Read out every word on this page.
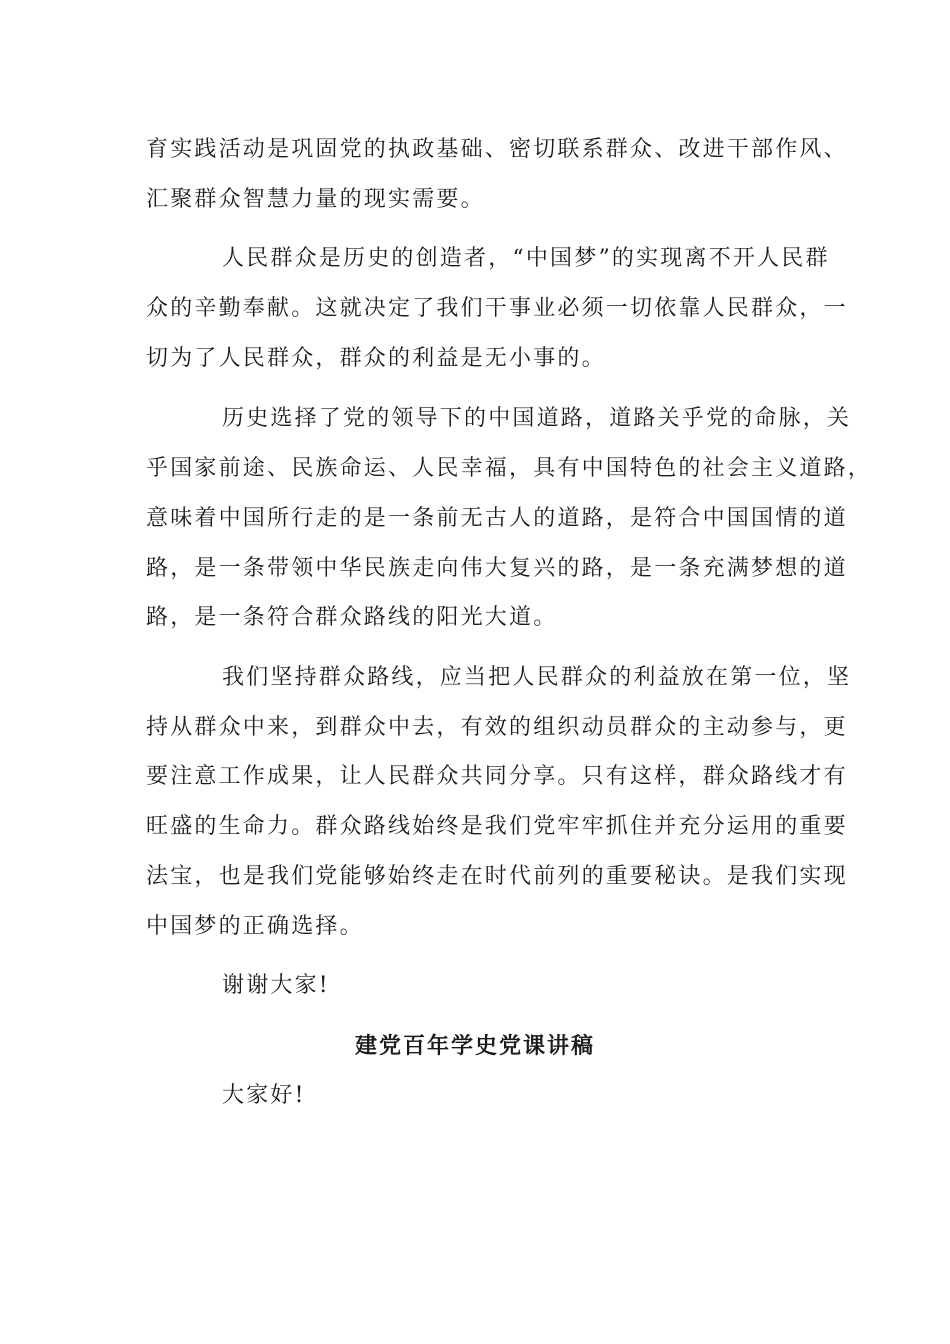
育实践活动是巩固党的执政基础、密切联系群众、改进干部作风、
汇聚群众智慧力量的现实需要。
人民群众是历史的创造者，“中国梦”的实现离不开人民群
众的辛勤奉献。这就决定了我们干事业必须一切依靠人民群众，一
切为了人民群众，群众的利益是无小事的。
历史选择了党的领导下的中国道路，道路关乎党的命脉，关
乎国家前途、民族命运、人民幸福，具有中国特色的社会主义道路，
意味着中国所行走的是一条前无古人的道路，是符合中国国情的道
路，是一条带领中华民族走向伟大复兴的路，是一条充满梦想的道
路，是一条符合群众路线的阳光大道。
我们坚持群众路线，应当把人民群众的利益放在第一位，坚
持从群众中来，到群众中去，有效的组织动员群众的主动参与，更
要注意工作成果，让人民群众共同分享。只有这样，群众路线才有
旺盛的生命力。群众路线始终是我们党牢牢抓住并充分运用的重要
法宝，也是我们党能够始终走在时代前列的重要秘诀。是我们实现
中国梦的正确选择。
谢谢大家!
建党百年学史党课讲稿
大家好!
